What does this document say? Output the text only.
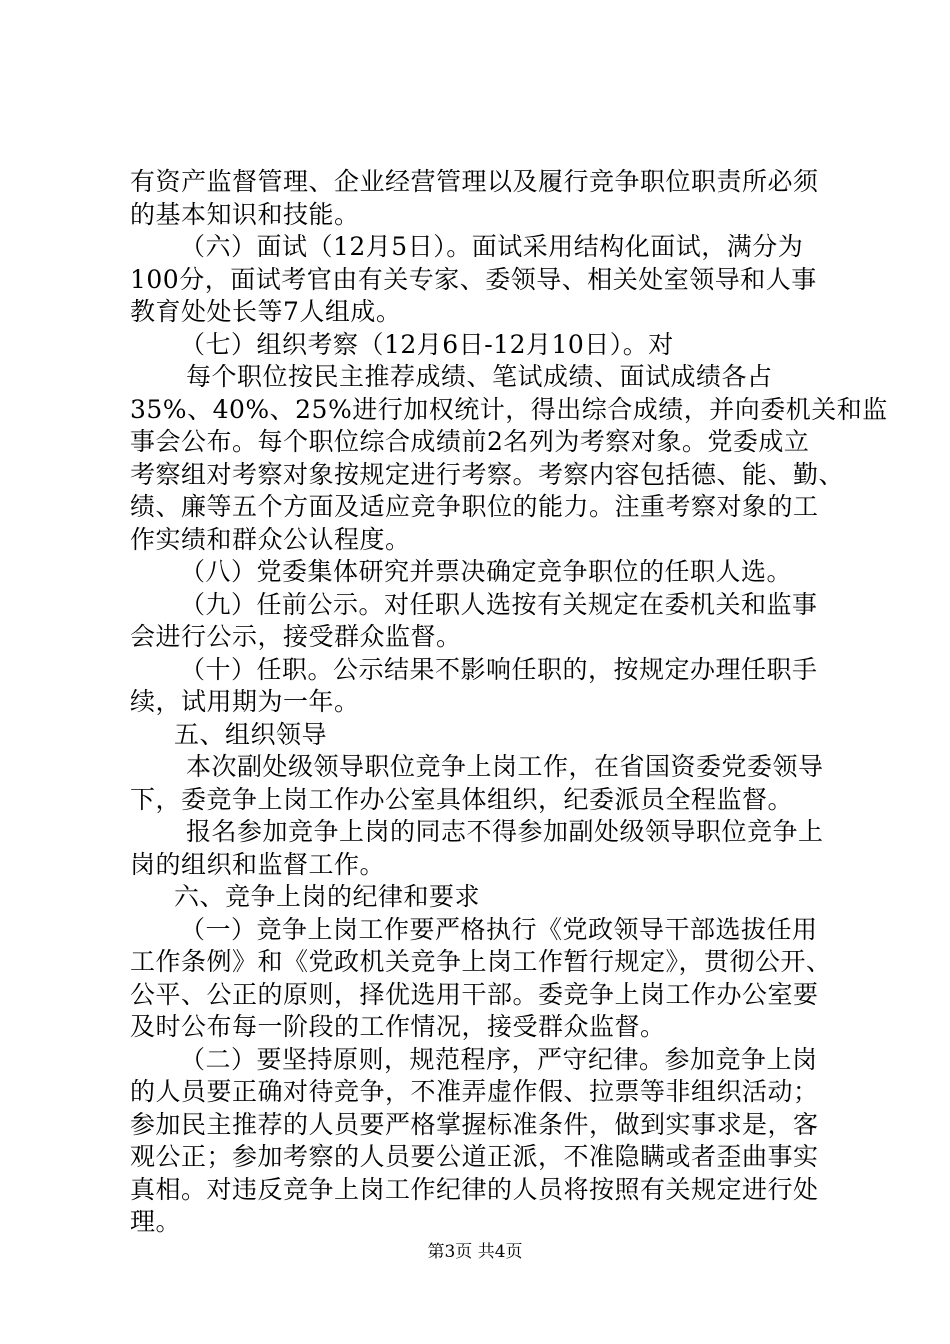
有资产监督管理、企业经营管理以及履行竞争职位职责所必须
的基本知识和技能。
（六）面试（12月5日）。面试采用结构化面试，满分为
100分，面试考官由有关专家、委领导、相关处室领导和人事
教育处处长等7人组成。
（七）组织考察（12月6日-12月10日）。对
每个职位按民主推荐成绩、笔试成绩、面试成绩各占
35%、40%、25%进行加权统计，得出综合成绩，并向委机关和监
事会公布。每个职位综合成绩前2名列为考察对象。党委成立
考察组对考察对象按规定进行考察。考察内容包括德、能、勤、
绩、廉等五个方面及适应竞争职位的能力。注重考察对象的工
作实绩和群众公认程度。
（八）党委集体研究并票决确定竞争职位的任职人选。
（九）任前公示。对任职人选按有关规定在委机关和监事
会进行公示，接受群众监督。
（十）任职。公示结果不影响任职的，按规定办理任职手
续，试用期为一年。
五、组织领导
本次副处级领导职位竞争上岗工作，在省国资委党委领导
下，委竞争上岗工作办公室具体组织，纪委派员全程监督。
报名参加竞争上岗的同志不得参加副处级领导职位竞争上
岗的组织和监督工作。
六、竞争上岗的纪律和要求
（一）竞争上岗工作要严格执行《党政领导干部选拔任用
工作条例》和《党政机关竞争上岗工作暂行规定》，贯彻公开、
公平、公正的原则，择优选用干部。委竞争上岗工作办公室要
及时公布每一阶段的工作情况，接受群众监督。
（二）要坚持原则，规范程序，严守纪律。参加竞争上岗
的人员要正确对待竞争，不准弄虚作假、拉票等非组织活动；
参加民主推荐的人员要严格掌握标准条件，做到实事求是，客
观公正；参加考察的人员要公道正派，不准隐瞒或者歪曲事实
真相。对违反竞争上岗工作纪律的人员将按照有关规定进行处
理。
第3页 共4页
